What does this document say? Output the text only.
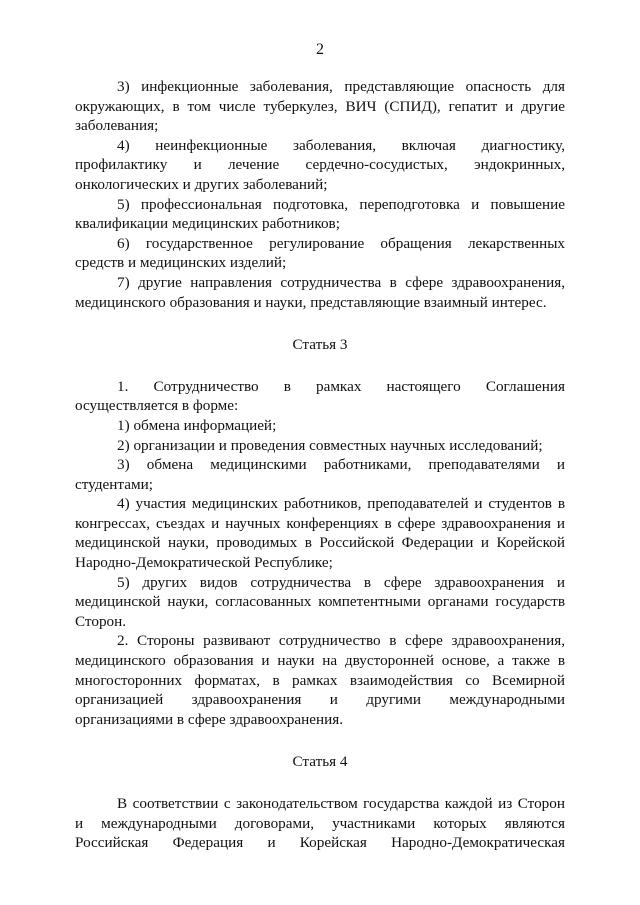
2

3) инфекционные заболевания, представляющие опасность для окружающих, в том числе туберкулез, ВИЧ (СПИД), гепатит и другие заболевания;

4) неинфекционные заболевания, включая диагностику, профилактику и лечение сердечно-сосудистых, эндокринных, онкологических и других заболеваний;

5) профессиональная подготовка, переподготовка и повышение квалификации медицинских работников;

6) государственное регулирование обращения лекарственных средств и медицинских изделий;

7) другие направления сотрудничества в сфере здравоохранения, медицинского образования и науки, представляющие взаимный интерес.

Статья 3

1. Сотрудничество в рамках настоящего Соглашения осуществляется в форме:

1) обмена информацией;

2) организации и проведения совместных научных исследований;

3) обмена медицинскими работниками, преподавателями и студентами;

4) участия медицинских работников, преподавателей и студентов в конгрессах, съездах и научных конференциях в сфере здравоохранения и медицинской науки, проводимых в Российской Федерации и Корейской Народно-Демократической Республике;

5) других видов сотрудничества в сфере здравоохранения и медицинской науки, согласованных компетентными органами государств Сторон.

2. Стороны развивают сотрудничество в сфере здравоохранения, медицинского образования и науки на двусторонней основе, а также в многосторонних форматах, в рамках взаимодействия со Всемирной организацией здравоохранения и другими международными организациями в сфере здравоохранения.

Статья 4

В соответствии с законодательством государства каждой из Сторон и международными договорами, участниками которых являются Российская Федерация и Корейская Народно-Демократическая
